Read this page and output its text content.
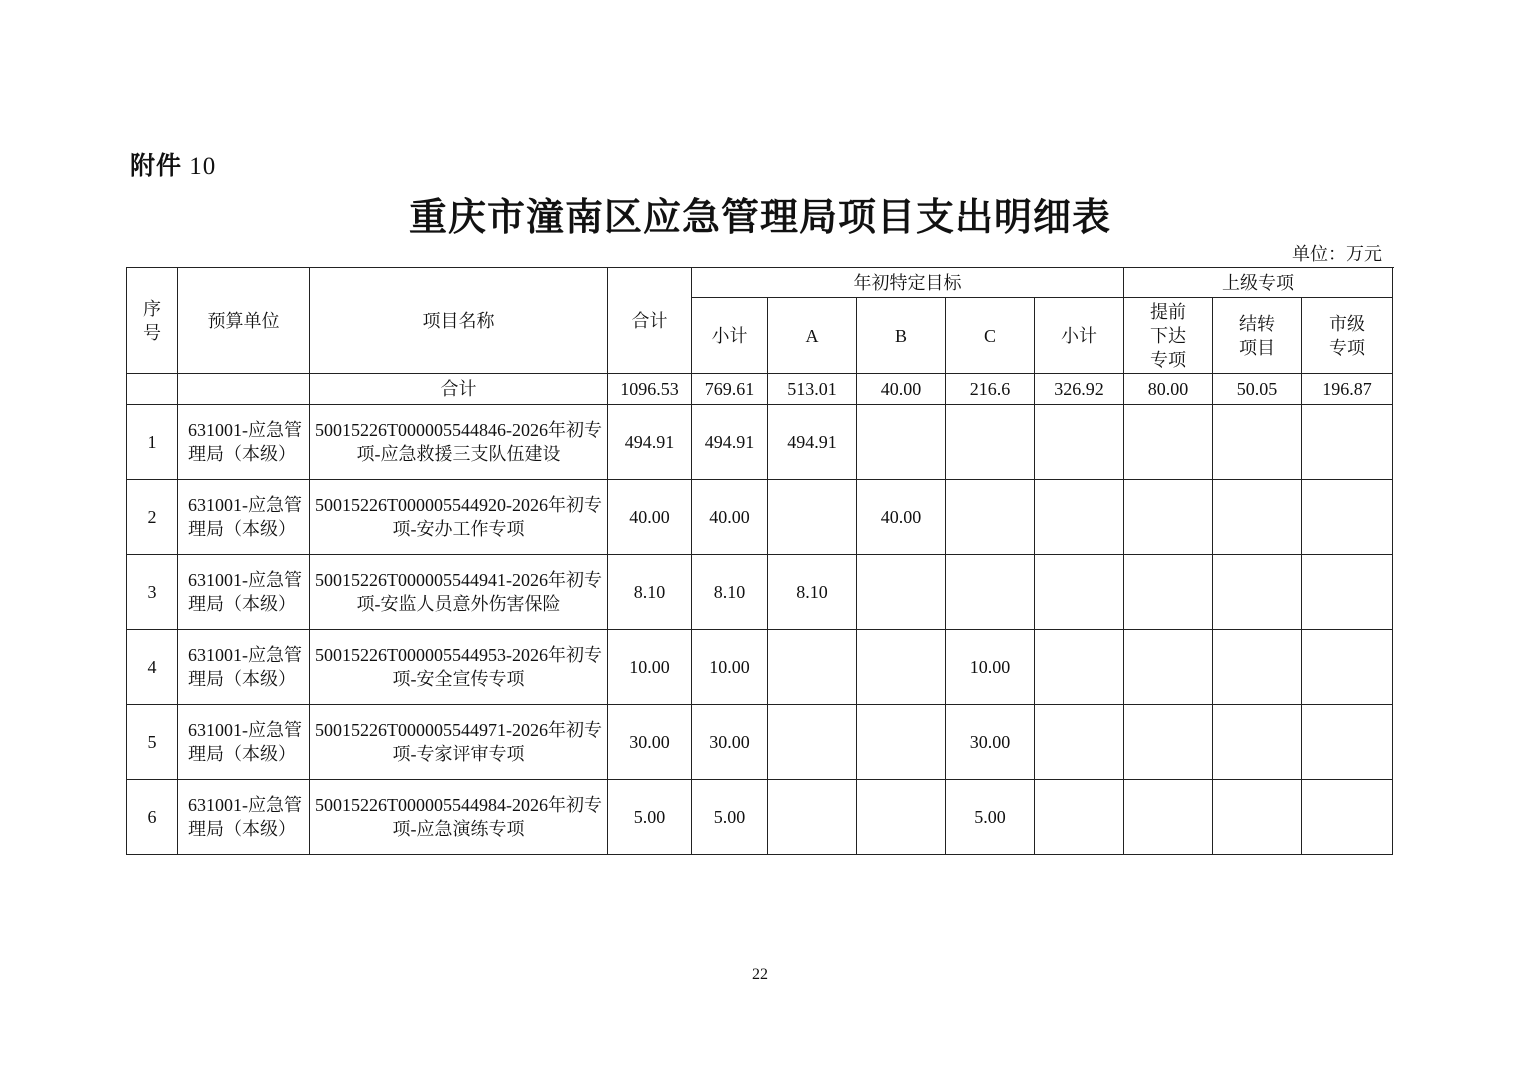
附件 10
重庆市潼南区应急管理局项目支出明细表
单位：万元
序号	预算单位	项目名称	合计	年初特定目标					上级专项		
				小计	A	B	C	小计	提前下达专项	结转项目	市级专项

		合计	1096.53	769.61	513.01	40.00	216.6	326.92	80.00	50.05	196.87
1	631001-应急管理局（本级）	50015226T000005544846-2026年初专项-应急救援三支队伍建设	494.91	494.91	494.91						
2	631001-应急管理局（本级）	50015226T000005544920-2026年初专项-安办工作专项	40.00	40.00		40.00					
3	631001-应急管理局（本级）	50015226T000005544941-2026年初专项-安监人员意外伤害保险	8.10	8.10	8.10						
4	631001-应急管理局（本级）	50015226T000005544953-2026年初专项-安全宣传专项	10.00	10.00			10.00				
5	631001-应急管理局（本级）	50015226T000005544971-2026年初专项-专家评审专项	30.00	30.00			30.00				
6	631001-应急管理局（本级）	50015226T000005544984-2026年初专项-应急演练专项	5.00	5.00			5.00				
22
